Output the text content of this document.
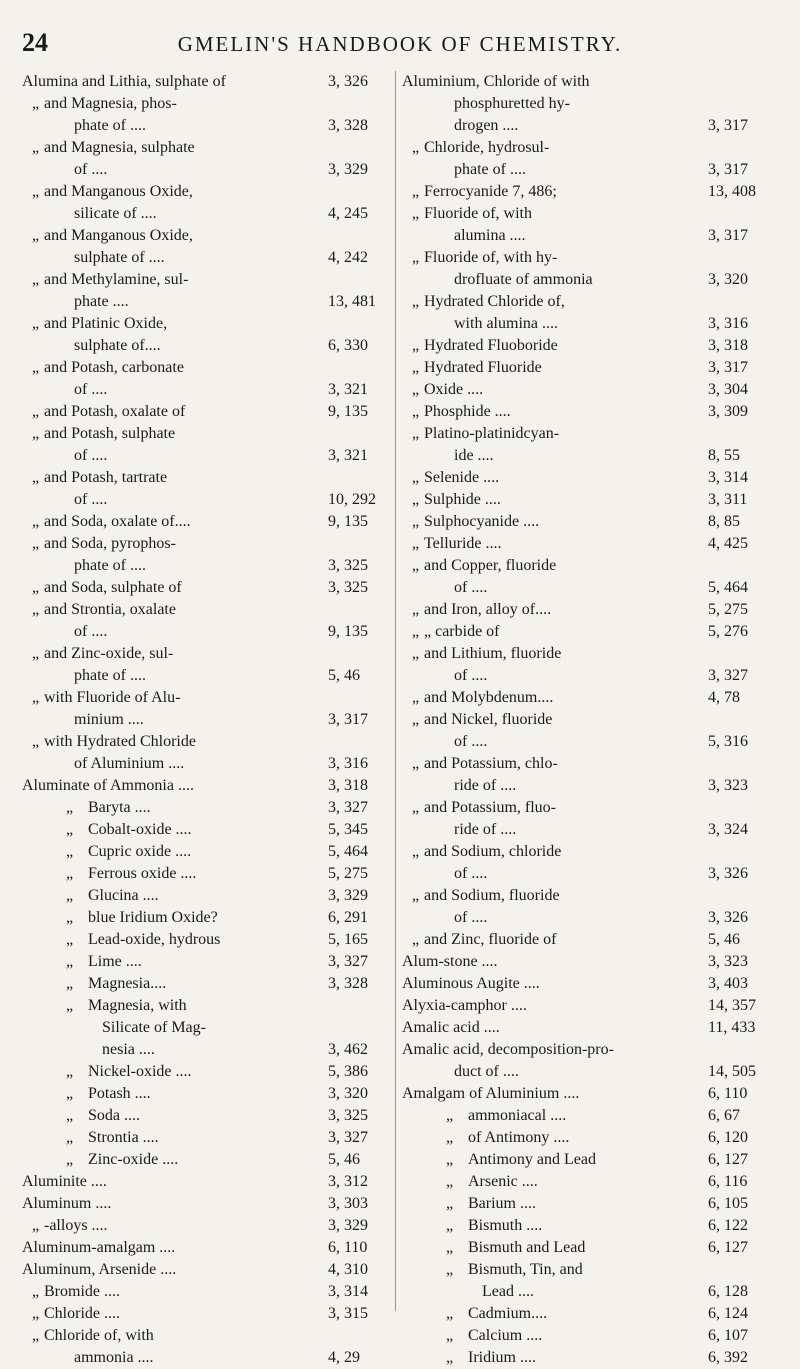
24	GMELIN'S HANDBOOK OF CHEMISTRY.
Alumina and Lithia, sulphate of	3, 326
„ and Magnesia, phos-
phate of ....	3, 328
„ and Magnesia, sulphate
of ....	3, 329
„ and Manganous Oxide,
silicate of ....	4, 245
„ and Manganous Oxide,
sulphate of ....	4, 242
„ and Methylamine, sul-
phate ....	13, 481
„ and Platinic Oxide,
sulphate of....	6, 330
„ and Potash, carbonate
of ....	3, 321
„ and Potash, oxalate of	9, 135
„ and Potash, sulphate
of ....	3, 321
„ and Potash, tartrate
of ....	10, 292
„ and Soda, oxalate of....	9, 135
„ and Soda, pyrophos-
phate of ....	3, 325
„ and Soda, sulphate of	3, 325
„ and Strontia, oxalate
of ....	9, 135
„ and Zinc-oxide, sul-
phate of ....	5, 46
„ with Fluoride of Alu-
minium ....	3, 317
„ with Hydrated Chloride
of Aluminium ....	3, 316
Aluminate of Ammonia ....	3, 318
„ Baryta ....	3, 327
„ Cobalt-oxide ....	5, 345
„ Cupric oxide ....	5, 464
„ Ferrous oxide ....	5, 275
„ Glucina ....	3, 329
„ blue Iridium Oxide?	6, 291
„ Lead-oxide, hydrous	5, 165
„ Lime ....	3, 327
„ Magnesia....	3, 328
„ Magnesia, with
Silicate of Mag-
nesia ....	3, 462
„ Nickel-oxide ....	5, 386
„ Potash ....	3, 320
„ Soda ....	3, 325
„ Strontia ....	3, 327
„ Zinc-oxide ....	5, 46
Aluminite ....	3, 312
Aluminum ....	3, 303
„ -alloys ....	3, 329
Aluminum-amalgam ....	6, 110
Aluminum, Arsenide ....	4, 310
„ Bromide ....	3, 314
„ Chloride ....	3, 315
„ Chloride of, with
ammonia ....	4, 29
Aluminium, Chloride of with
phosphuretted hy-
drogen ....	3, 317
„ Chloride, hydrosul-
phate of ....	3, 317
„ Ferrocyanide 7, 486;	13, 408
„ Fluoride of, with
alumina ....	3, 317
„ Fluoride of, with hy-
drofluate of ammonia	3, 320
„ Hydrated Chloride of,
with alumina ....	3, 316
„ Hydrated Fluoboride	3, 318
„ Hydrated Fluoride	3, 317
„ Oxide ....	3, 304
„ Phosphide ....	3, 309
„ Platino-platinidcyan-
ide ....	8, 55
„ Selenide ....	3, 314
„ Sulphide ....	3, 311
„ Sulphocyanide ....	8, 85
„ Telluride ....	4, 425
„ and Copper, fluoride
of ....	5, 464
„ and Iron, alloy of....	5, 275
„ „ carbide of	5, 276
„ and Lithium, fluoride
of ....	3, 327
„ and Molybdenum....	4, 78
„ and Nickel, fluoride
of ....	5, 316
„ and Potassium, chlo-
ride of ....	3, 323
„ and Potassium, fluo-
ride of ....	3, 324
„ and Sodium, chloride
of ....	3, 326
„ and Sodium, fluoride
of ....	3, 326
„ and Zinc, fluoride of	5, 46
Alum-stone ....	3, 323
Aluminous Augite ....	3, 403
Alyxia-camphor ....	14, 357
Amalic acid ....	11, 433
Amalic acid, decomposition-pro-
duct of ....	14, 505
Amalgam of Aluminium ....	6, 110
„ ammoniacal ....	6, 67
„ of Antimony ....	6, 120
„ Antimony and Lead	6, 127
„ Arsenic ....	6, 116
„ Barium ....	6, 105
„ Bismuth ....	6, 122
„ Bismuth and Lead	6, 127
„ Bismuth, Tin, and
Lead ....	6, 128
„ Cadmium....	6, 124
„ Calcium ....	6, 107
„ Iridium ....	6, 392
